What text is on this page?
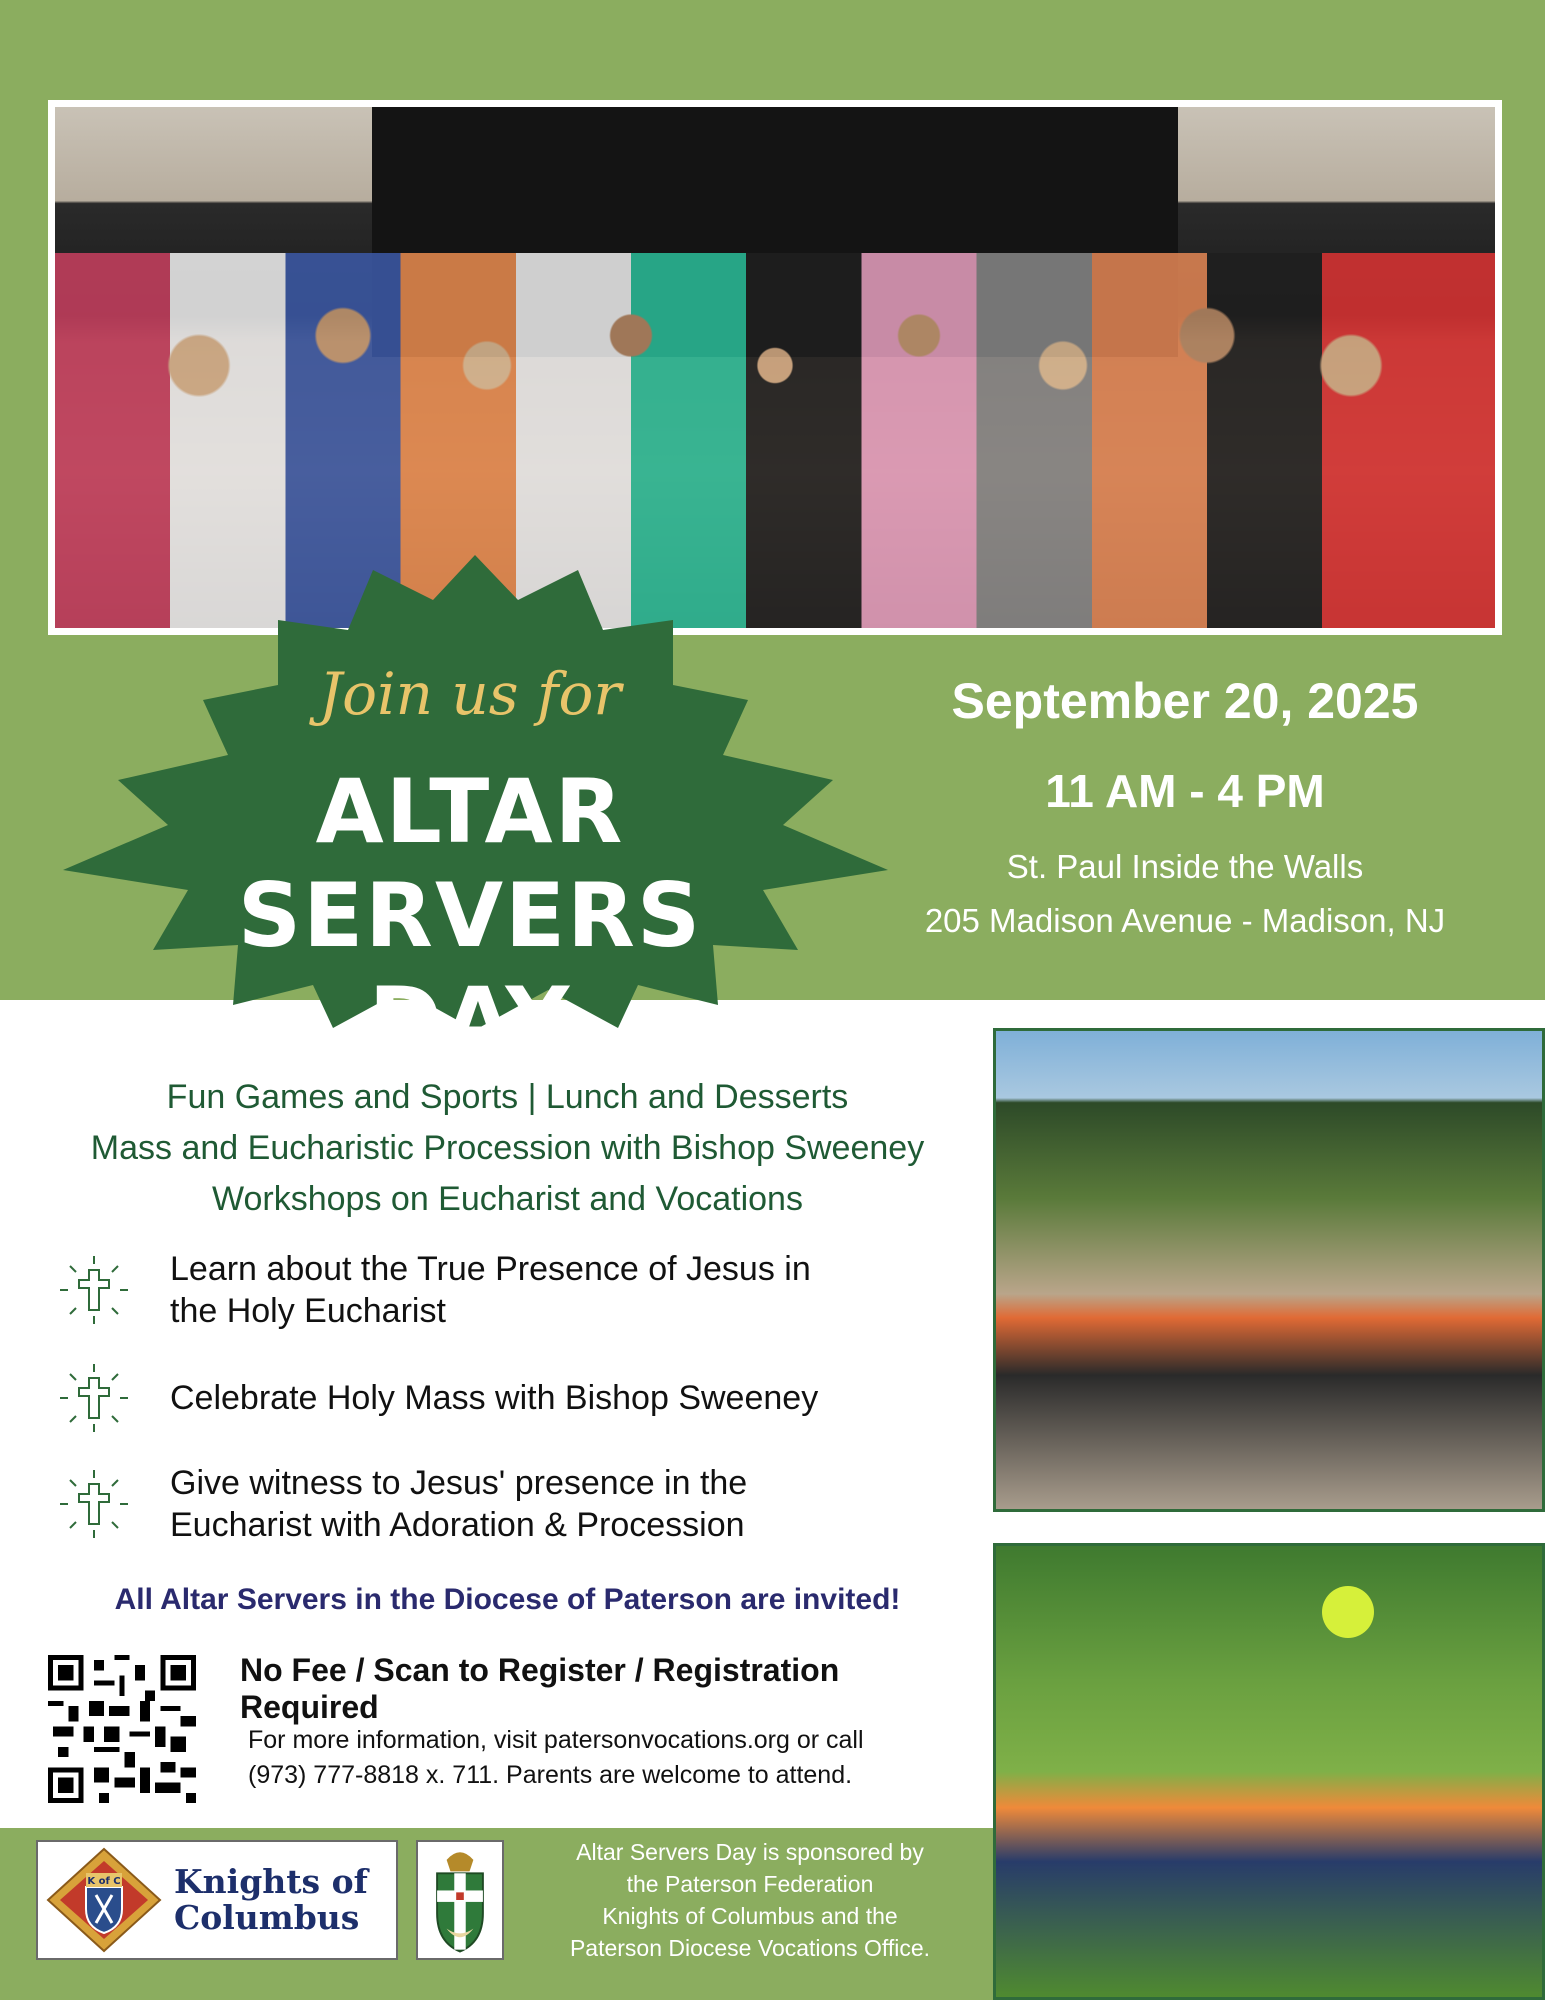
Join us for
ALTAR SERVERS
DAY
September 20, 2025
11 AM - 4 PM
St. Paul Inside the Walls
205 Madison Avenue - Madison, NJ
Fun Games and Sports | Lunch and Desserts
Mass and Eucharistic Procession with Bishop Sweeney
Workshops on Eucharist and Vocations
Learn about the True Presence of Jesus in
the Holy Eucharist
Celebrate Holy Mass with Bishop Sweeney
Give witness to Jesus' presence in the
Eucharist with Adoration & Procession
All Altar Servers in the Diocese of Paterson are invited!
No Fee / Scan to Register / Registration Required
For more information, visit patersonvocations.org or call
(973) 777-8818 x. 711. Parents are welcome to attend.
K of C Knights of
Columbus
Altar Servers Day is sponsored by
the Paterson Federation
Knights of Columbus and the
Paterson Diocese Vocations Office.
